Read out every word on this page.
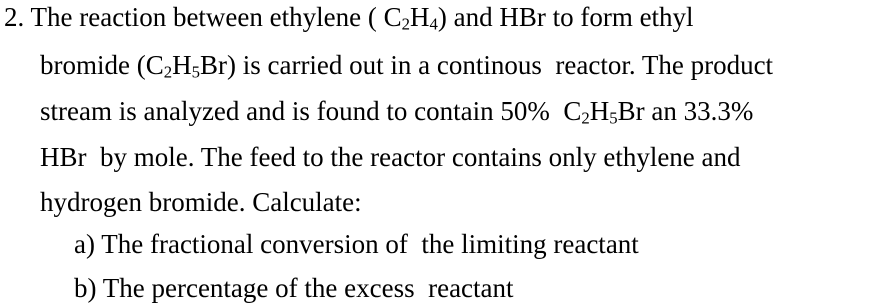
2. The reaction between ethylene ( $C_2H_4$) and HBr to form ethyl
bromide $(C_2H_5Br)$ is carried out in a continous  reactor. The product
stream is analyzed and is found to contain 50%  $C_2H_5Br$ an 33.3%
HBr  by mole. The feed to the reactor contains only ethylene and
hydrogen bromide. Calculate:
a) The fractional conversion of  the limiting reactant
b) The percentage of the excess  reactant
